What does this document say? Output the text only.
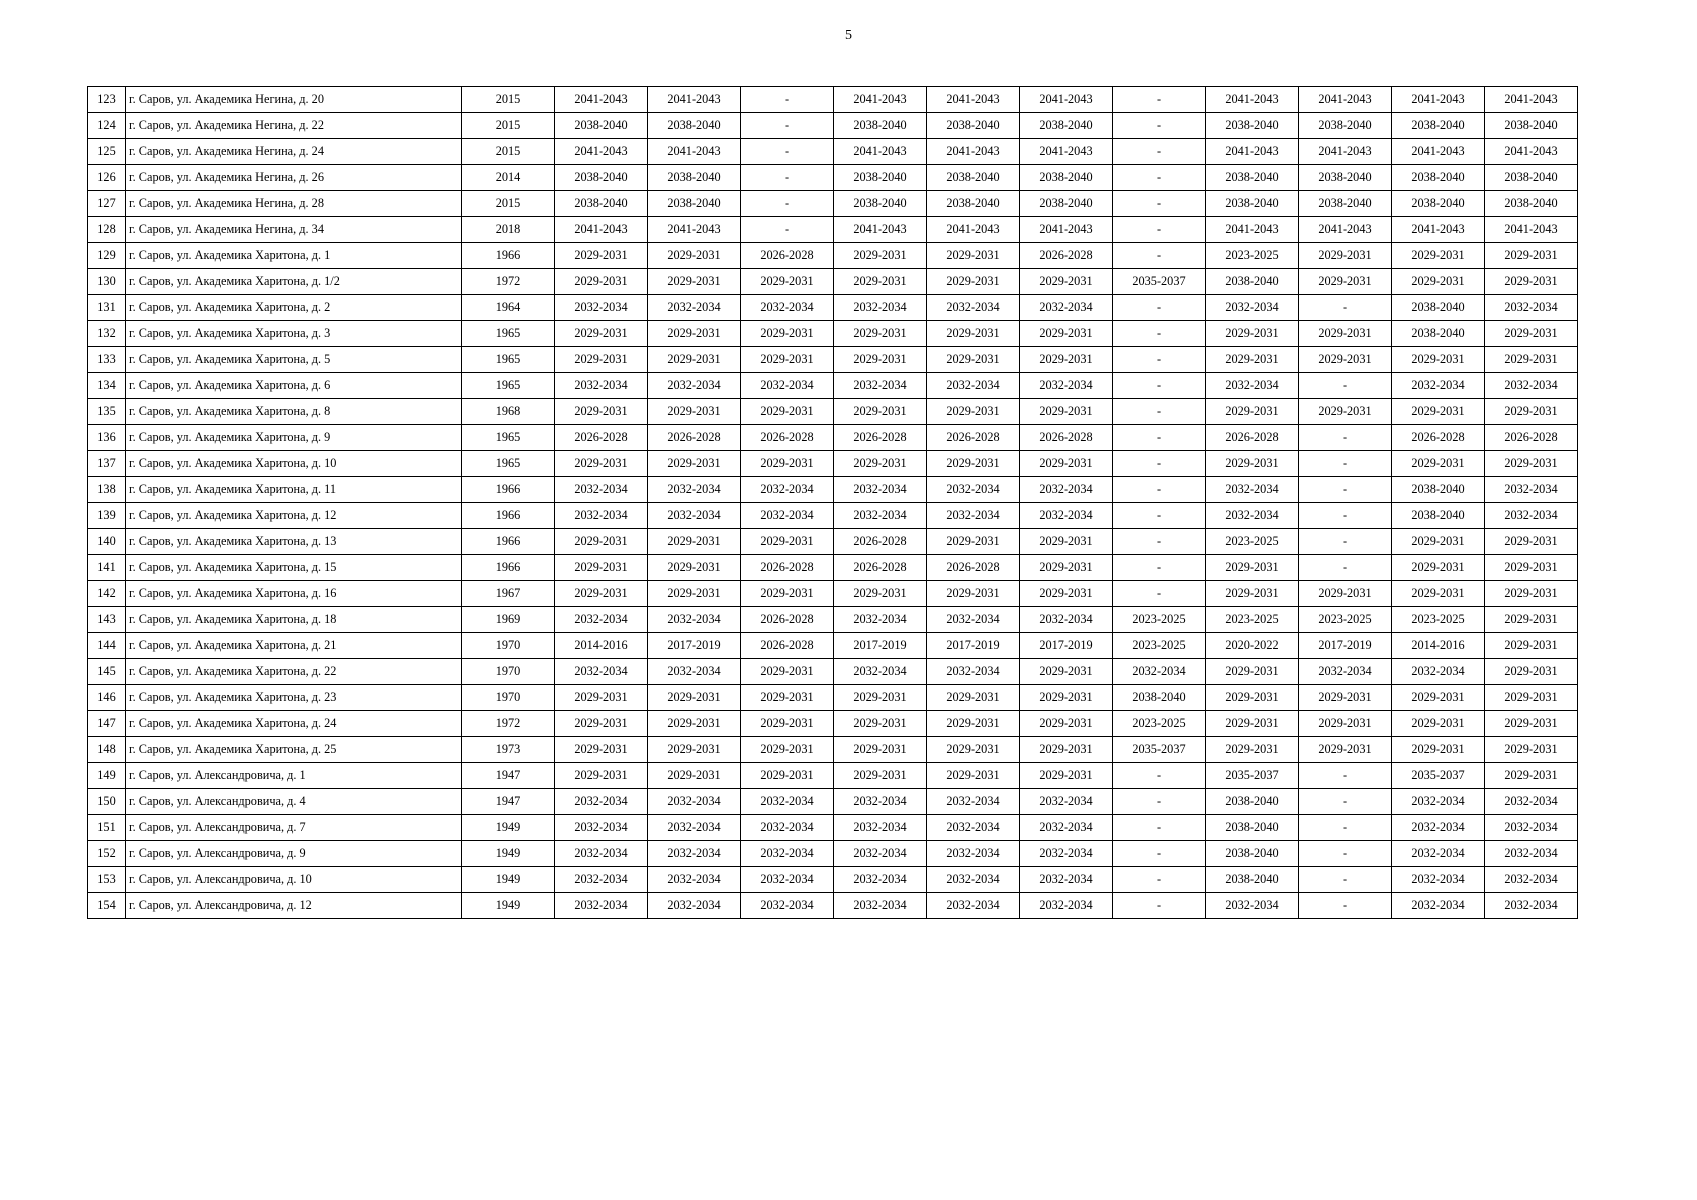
5
123	г. Саров, ул. Академика Негина, д. 20	2015	2041-2043	2041-2043	-	2041-2043	2041-2043	2041-2043	-	2041-2043	2041-2043	2041-2043	2041-2043
124	г. Саров, ул. Академика Негина, д. 22	2015	2038-2040	2038-2040	-	2038-2040	2038-2040	2038-2040	-	2038-2040	2038-2040	2038-2040	2038-2040
125	г. Саров, ул. Академика Негина, д. 24	2015	2041-2043	2041-2043	-	2041-2043	2041-2043	2041-2043	-	2041-2043	2041-2043	2041-2043	2041-2043
126	г. Саров, ул. Академика Негина, д. 26	2014	2038-2040	2038-2040	-	2038-2040	2038-2040	2038-2040	-	2038-2040	2038-2040	2038-2040	2038-2040
127	г. Саров, ул. Академика Негина, д. 28	2015	2038-2040	2038-2040	-	2038-2040	2038-2040	2038-2040	-	2038-2040	2038-2040	2038-2040	2038-2040
128	г. Саров, ул. Академика Негина, д. 34	2018	2041-2043	2041-2043	-	2041-2043	2041-2043	2041-2043	-	2041-2043	2041-2043	2041-2043	2041-2043
129	г. Саров, ул. Академика Харитона, д. 1	1966	2029-2031	2029-2031	2026-2028	2029-2031	2029-2031	2026-2028	-	2023-2025	2029-2031	2029-2031	2029-2031
130	г. Саров, ул. Академика Харитона, д. 1/2	1972	2029-2031	2029-2031	2029-2031	2029-2031	2029-2031	2029-2031	2035-2037	2038-2040	2029-2031	2029-2031	2029-2031
131	г. Саров, ул. Академика Харитона, д. 2	1964	2032-2034	2032-2034	2032-2034	2032-2034	2032-2034	2032-2034	-	2032-2034	-	2038-2040	2032-2034
132	г. Саров, ул. Академика Харитона, д. 3	1965	2029-2031	2029-2031	2029-2031	2029-2031	2029-2031	2029-2031	-	2029-2031	2029-2031	2038-2040	2029-2031
133	г. Саров, ул. Академика Харитона, д. 5	1965	2029-2031	2029-2031	2029-2031	2029-2031	2029-2031	2029-2031	-	2029-2031	2029-2031	2029-2031	2029-2031
134	г. Саров, ул. Академика Харитона, д. 6	1965	2032-2034	2032-2034	2032-2034	2032-2034	2032-2034	2032-2034	-	2032-2034	-	2032-2034	2032-2034
135	г. Саров, ул. Академика Харитона, д. 8	1968	2029-2031	2029-2031	2029-2031	2029-2031	2029-2031	2029-2031	-	2029-2031	2029-2031	2029-2031	2029-2031
136	г. Саров, ул. Академика Харитона, д. 9	1965	2026-2028	2026-2028	2026-2028	2026-2028	2026-2028	2026-2028	-	2026-2028	-	2026-2028	2026-2028
137	г. Саров, ул. Академика Харитона, д. 10	1965	2029-2031	2029-2031	2029-2031	2029-2031	2029-2031	2029-2031	-	2029-2031	-	2029-2031	2029-2031
138	г. Саров, ул. Академика Харитона, д. 11	1966	2032-2034	2032-2034	2032-2034	2032-2034	2032-2034	2032-2034	-	2032-2034	-	2038-2040	2032-2034
139	г. Саров, ул. Академика Харитона, д. 12	1966	2032-2034	2032-2034	2032-2034	2032-2034	2032-2034	2032-2034	-	2032-2034	-	2038-2040	2032-2034
140	г. Саров, ул. Академика Харитона, д. 13	1966	2029-2031	2029-2031	2029-2031	2026-2028	2029-2031	2029-2031	-	2023-2025	-	2029-2031	2029-2031
141	г. Саров, ул. Академика Харитона, д. 15	1966	2029-2031	2029-2031	2026-2028	2026-2028	2026-2028	2029-2031	-	2029-2031	-	2029-2031	2029-2031
142	г. Саров, ул. Академика Харитона, д. 16	1967	2029-2031	2029-2031	2029-2031	2029-2031	2029-2031	2029-2031	-	2029-2031	2029-2031	2029-2031	2029-2031
143	г. Саров, ул. Академика Харитона, д. 18	1969	2032-2034	2032-2034	2026-2028	2032-2034	2032-2034	2032-2034	2023-2025	2023-2025	2023-2025	2023-2025	2029-2031
144	г. Саров, ул. Академика Харитона, д. 21	1970	2014-2016	2017-2019	2026-2028	2017-2019	2017-2019	2017-2019	2023-2025	2020-2022	2017-2019	2014-2016	2029-2031
145	г. Саров, ул. Академика Харитона, д. 22	1970	2032-2034	2032-2034	2029-2031	2032-2034	2032-2034	2029-2031	2032-2034	2029-2031	2032-2034	2032-2034	2029-2031
146	г. Саров, ул. Академика Харитона, д. 23	1970	2029-2031	2029-2031	2029-2031	2029-2031	2029-2031	2029-2031	2038-2040	2029-2031	2029-2031	2029-2031	2029-2031
147	г. Саров, ул. Академика Харитона, д. 24	1972	2029-2031	2029-2031	2029-2031	2029-2031	2029-2031	2029-2031	2023-2025	2029-2031	2029-2031	2029-2031	2029-2031
148	г. Саров, ул. Академика Харитона, д. 25	1973	2029-2031	2029-2031	2029-2031	2029-2031	2029-2031	2029-2031	2035-2037	2029-2031	2029-2031	2029-2031	2029-2031
149	г. Саров, ул. Александровича, д. 1	1947	2029-2031	2029-2031	2029-2031	2029-2031	2029-2031	2029-2031	-	2035-2037	-	2035-2037	2029-2031
150	г. Саров, ул. Александровича, д. 4	1947	2032-2034	2032-2034	2032-2034	2032-2034	2032-2034	2032-2034	-	2038-2040	-	2032-2034	2032-2034
151	г. Саров, ул. Александровича, д. 7	1949	2032-2034	2032-2034	2032-2034	2032-2034	2032-2034	2032-2034	-	2038-2040	-	2032-2034	2032-2034
152	г. Саров, ул. Александровича, д. 9	1949	2032-2034	2032-2034	2032-2034	2032-2034	2032-2034	2032-2034	-	2038-2040	-	2032-2034	2032-2034
153	г. Саров, ул. Александровича, д. 10	1949	2032-2034	2032-2034	2032-2034	2032-2034	2032-2034	2032-2034	-	2038-2040	-	2032-2034	2032-2034
154	г. Саров, ул. Александровича, д. 12	1949	2032-2034	2032-2034	2032-2034	2032-2034	2032-2034	2032-2034	-	2032-2034	-	2032-2034	2032-2034
